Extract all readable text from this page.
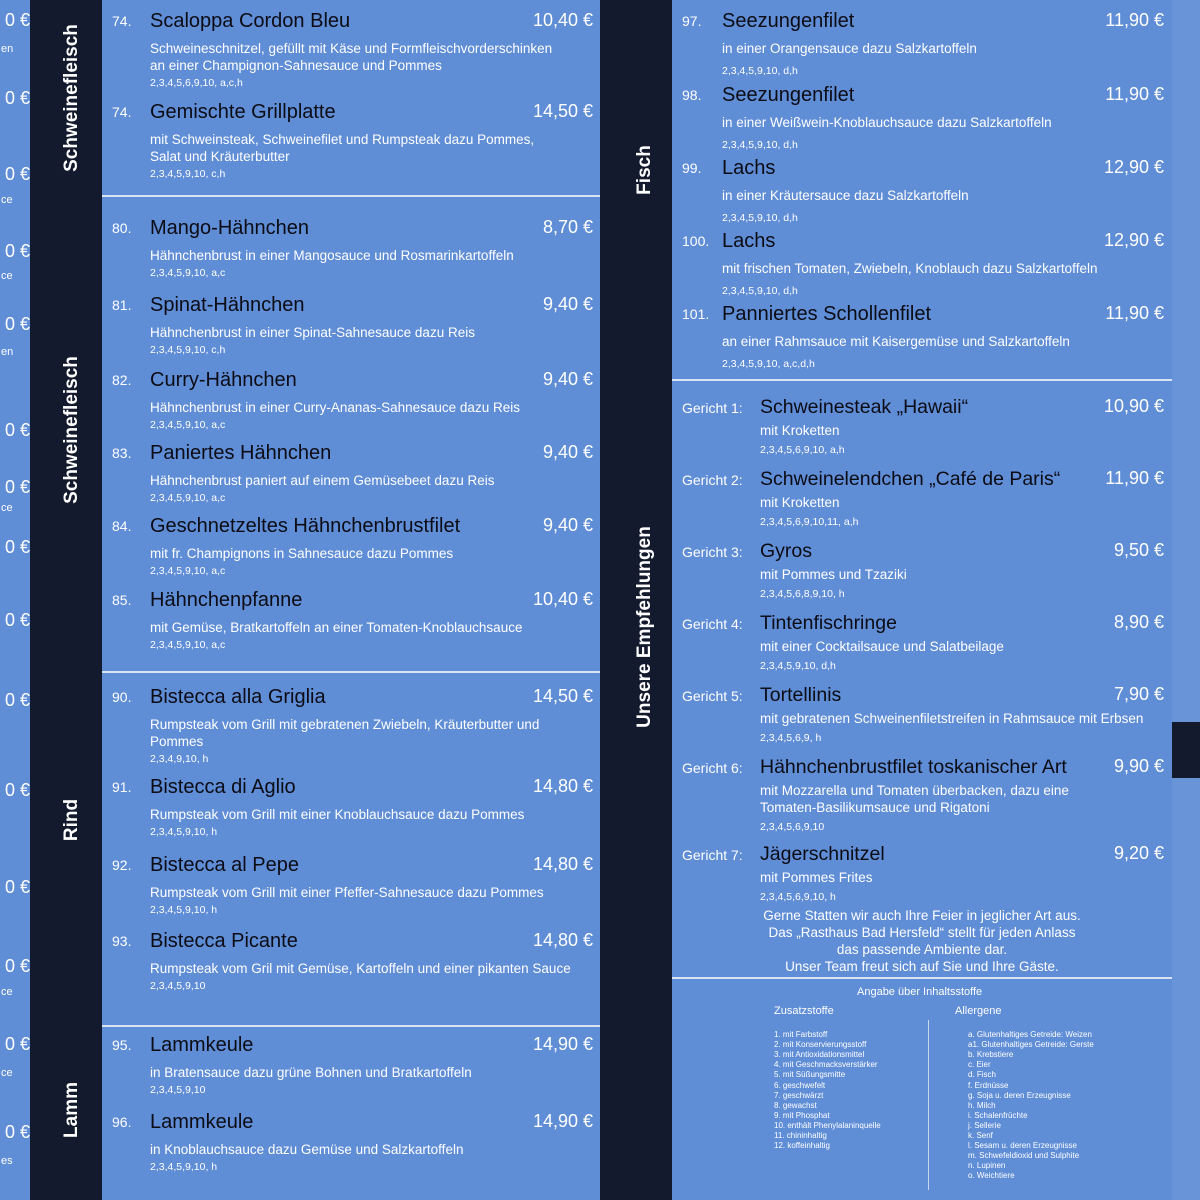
Schweinefleisch
Schweinefleisch
Rind
Lamm
Fisch
Unsere Empfehlungen
0 €
0 €
0 €
0 €
0 €
0 €
0 €
0 €
0 €
0 €
0 €
0 €
0 €
0 €
0 €
en
ce
ce
en
ce
ce
ce
es
74. Scaloppa Cordon Bleu	10,40 €
Schweineschnitzel, gefüllt mit Käse und Formfleischvorderschinken
an einer Champignon-Sahnesauce und Pommes
2,3,4,5,6,9,10, a,c,h
74. Gemischte Grillplatte	14,50 €
mit Schweinsteak, Schweinefilet und Rumpsteak dazu Pommes,
Salat und Kräuterbutter
2,3,4,5,9,10, c,h
80. Mango-Hähnchen	8,70 €
Hähnchenbrust in einer Mangosauce und Rosmarinkartoffeln
2,3,4,5,9,10, a,c
81. Spinat-Hähnchen	9,40 €
Hähnchenbrust in einer Spinat-Sahnesauce dazu Reis
2,3,4,5,9,10, c,h
82. Curry-Hähnchen	9,40 €
Hähnchenbrust in einer Curry-Ananas-Sahnesauce dazu Reis
2,3,4,5,9,10, a,c
83. Paniertes Hähnchen	9,40 €
Hähnchenbrust paniert auf einem Gemüsebeet dazu Reis
2,3,4,5,9,10, a,c
84. Geschnetzeltes Hähnchenbrustfilet	9,40 €
mit fr. Champignons in Sahnesauce dazu Pommes
2,3,4,5,9,10, a,c
85. Hähnchenpfanne	10,40 €
mit Gemüse, Bratkartoffeln an einer Tomaten-Knoblauchsauce
2,3,4,5,9,10, a,c
90. Bistecca alla Griglia	14,50 €
Rumpsteak vom Grill mit gebratenen Zwiebeln, Kräuterbutter und
Pommes
2,3,4,9,10, h
91. Bistecca di Aglio	14,80 €
Rumpsteak vom Grill mit einer Knoblauchsauce dazu Pommes
2,3,4,5,9,10, h
92. Bistecca al Pepe	14,80 €
Rumpsteak vom Grill mit einer Pfeffer-Sahnesauce dazu Pommes
2,3,4,5,9,10, h
93. Bistecca Picante	14,80 €
Rumpsteak vom Gril mit Gemüse, Kartoffeln und einer pikanten Sauce
2,3,4,5,9,10
95. Lammkeule	14,90 €
in Bratensauce dazu grüne Bohnen und Bratkartoffeln
2,3,4,5,9,10
96. Lammkeule	14,90 €
in Knoblauchsauce dazu Gemüse und Salzkartoffeln
2,3,4,5,9,10, h
97. Seezungenfilet	11,90 €
in einer Orangensauce dazu Salzkartoffeln
2,3,4,5,9,10, d,h
98. Seezungenfilet	11,90 €
in einer Weißwein-Knoblauchsauce dazu Salzkartoffeln
2,3,4,5,9,10, d,h
99. Lachs	12,90 €
in einer Kräutersauce dazu Salzkartoffeln
2,3,4,5,9,10, d,h
100. Lachs	12,90 €
mit frischen Tomaten, Zwiebeln, Knoblauch dazu Salzkartoffeln
2,3,4,5,9,10, d,h
101. Panniertes Schollenfilet	11,90 €
an einer Rahmsauce mit Kaisergemüse und Salzkartoffeln
2,3,4,5,9,10, a,c,d,h
Gericht 1: Schweinesteak „Hawaii“	10,90 €
mit Kroketten
2,3,4,5,6,9,10, a,h
Gericht 2: Schweinelendchen „Café de Paris“	11,90 €
mit Kroketten
2,3,4,5,6,9,10,11, a,h
Gericht 3: Gyros	9,50 €
mit Pommes und Tzaziki
2,3,4,5,6,8,9,10, h
Gericht 4: Tintenfischringe	8,90 €
mit einer Cocktailsauce und Salatbeilage
2,3,4,5,9,10, d,h
Gericht 5: Tortellinis	7,90 €
mit gebratenen Schweinenfiletstreifen in Rahmsauce mit Erbsen
2,3,4,5,6,9, h
Gericht 6: Hähnchenbrustfilet toskanischer Art	9,90 €
mit Mozzarella und Tomaten überbacken, dazu eine
Tomaten-Basilikumsauce und Rigatoni
2,3,4,5,6,9,10
Gericht 7: Jägerschnitzel	9,20 €
mit Pommes Frites
2,3,4,5,6,9,10, h
Gerne Statten wir auch Ihre Feier in jeglicher Art aus.
Das „Rasthaus Bad Hersfeld“ stellt für jeden Anlass
das passende Ambiente dar.
Unser Team freut sich auf Sie und Ihre Gäste.
Angabe über Inhaltsstoffe
Zusatzstoffe	Allergene
1. mit Farbstoff
2. mit Konservierungsstoff
3. mit Antioxidationsmittel
4. mit Geschmacksverstärker
5. mit Süßungsmitte
6. geschwefelt
7. geschwärzt
8. gewachst
9. mit Phosphat
10. enthält Phenylalaninquelle
11. chininhaltig
12. koffeinhaltig
a. Glutenhaltiges Getreide: Weizen
a1. Glutenhaltiges Getreide: Gerste
b. Krebstiere
c. Eier
d. Fisch
f. Erdnüsse
g. Soja u. deren Erzeugnisse
h. Milch
i. Schalenfrüchte
j. Sellerie
k. Senf
l. Sesam u. deren Erzeugnisse
m. Schwefeldioxid und Sulphite
n. Lupinen
o. Weichtiere
